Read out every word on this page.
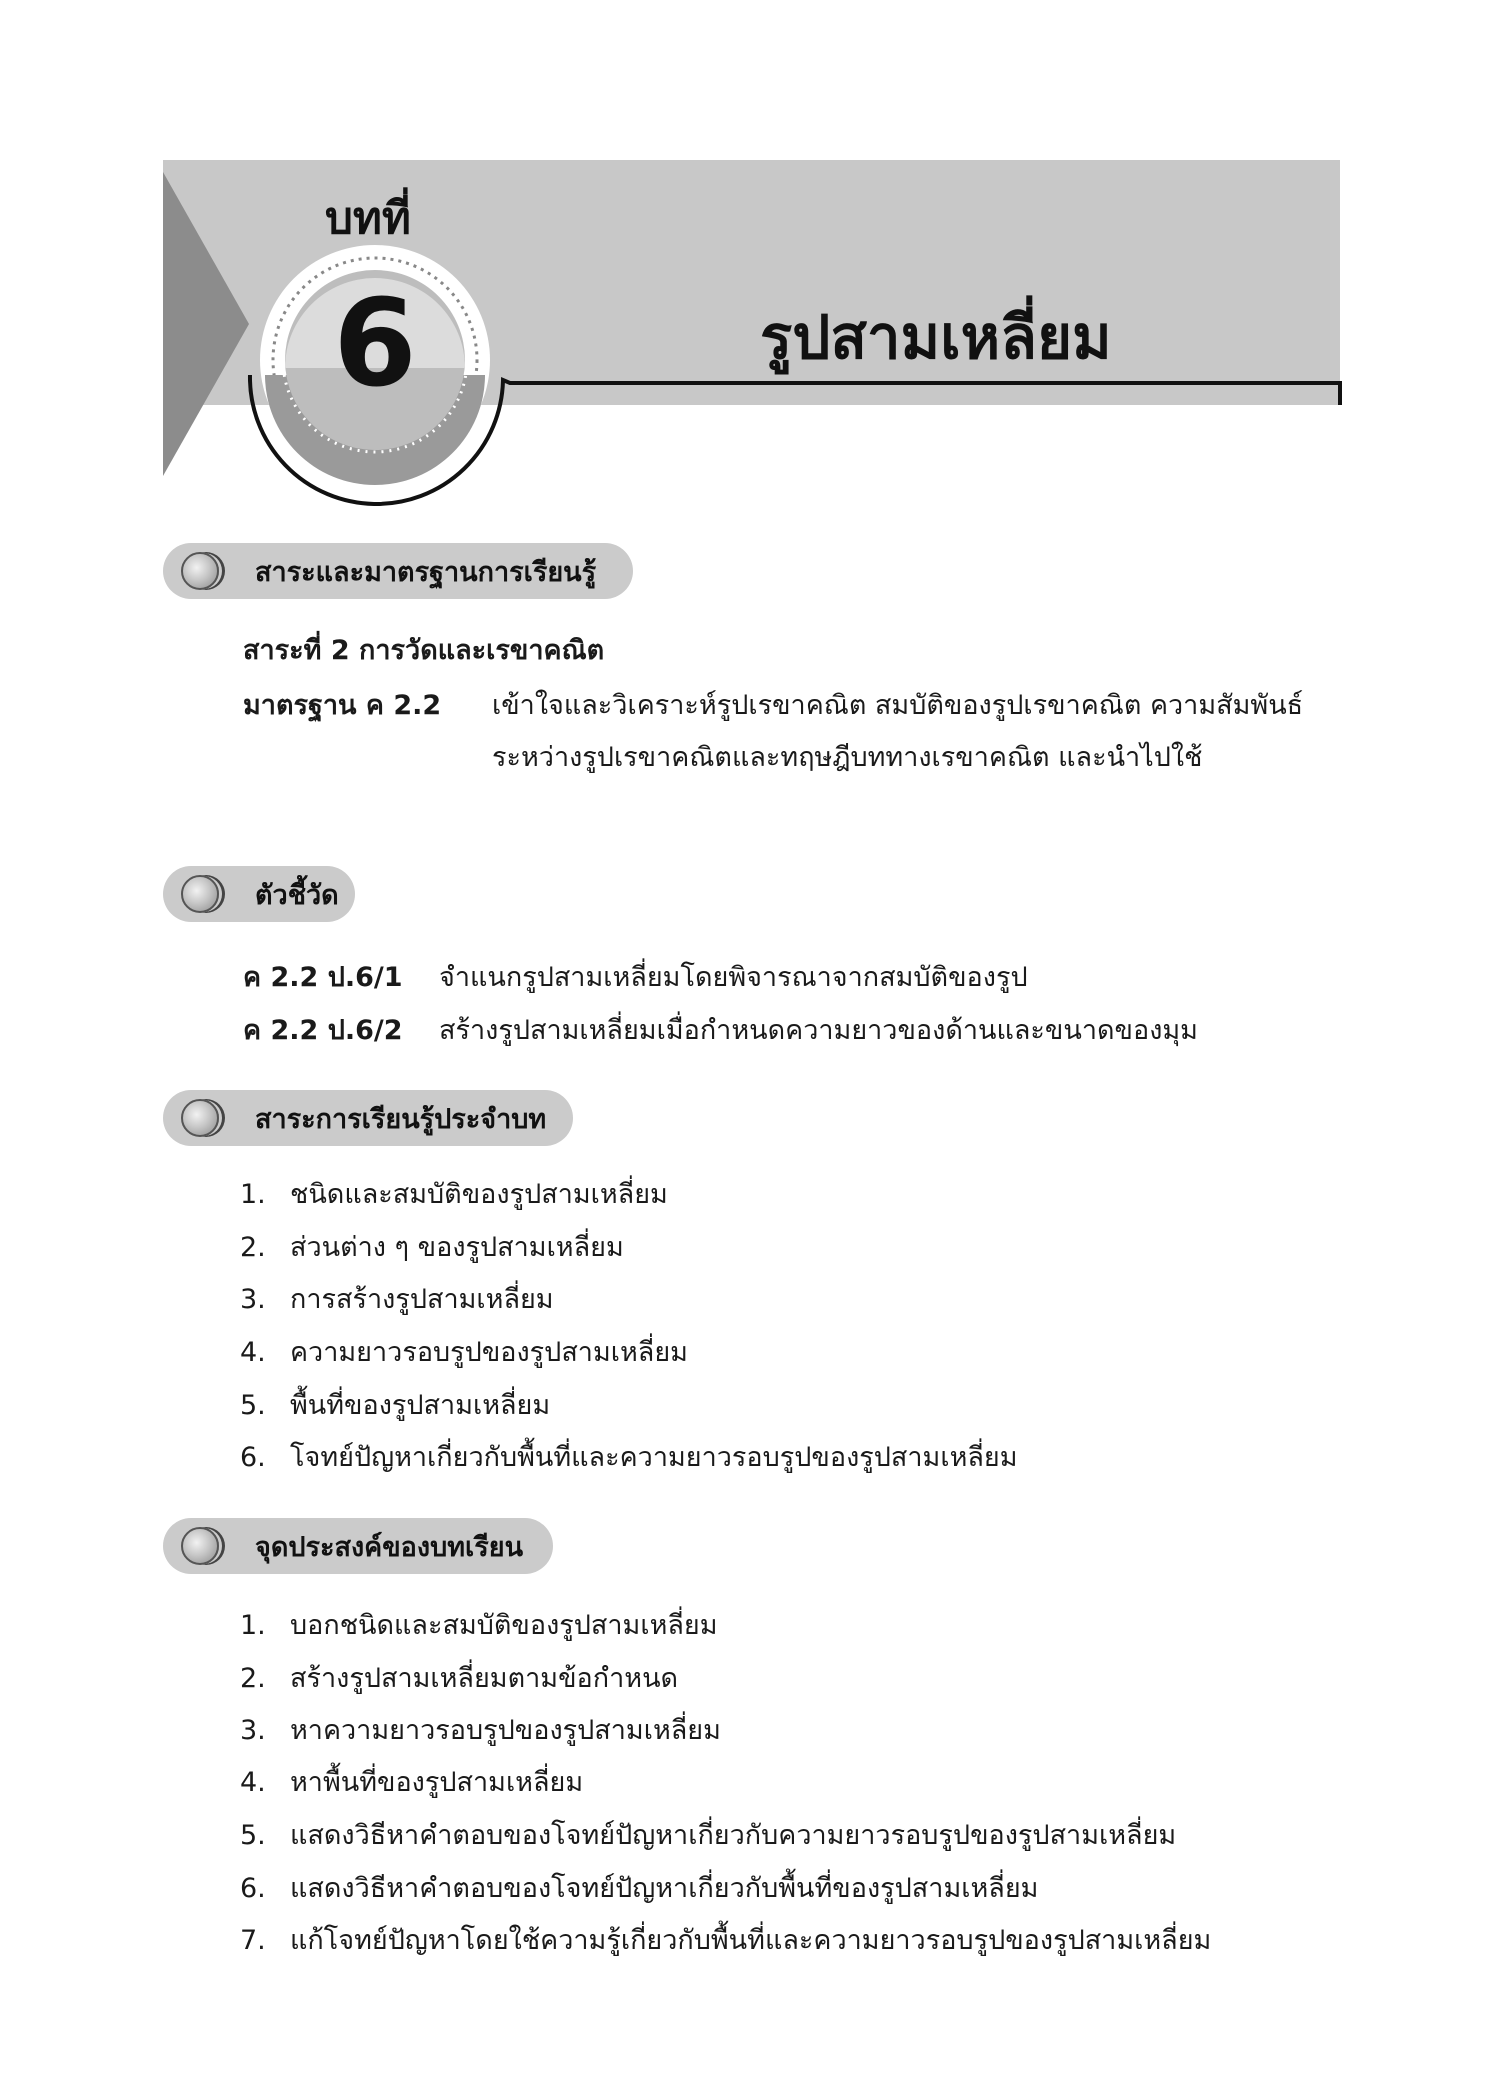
บทที่
6	รูปสามเหลี่ยม
สาระและมาตรฐานการเรียนรู้
สาระที่ 2 การวัดและเรขาคณิต
มาตรฐาน ค 2.2 เข้าใจและวิเคราะห์รูปเรขาคณิต สมบัติของรูปเรขาคณิต ความสัมพันธ์
ระหว่างรูปเรขาคณิตและทฤษฎีบททางเรขาคณิต และนำไปใช้
ตัวชี้วัด
ค 2.2 ป.6/1 จำแนกรูปสามเหลี่ยมโดยพิจารณาจากสมบัติของรูป
ค 2.2 ป.6/2 สร้างรูปสามเหลี่ยมเมื่อกำหนดความยาวของด้านและขนาดของมุม
สาระการเรียนรู้ประจำบท
1. ชนิดและสมบัติของรูปสามเหลี่ยม
2. ส่วนต่าง ๆ ของรูปสามเหลี่ยม
3. การสร้างรูปสามเหลี่ยม
4. ความยาวรอบรูปของรูปสามเหลี่ยม
5. พื้นที่ของรูปสามเหลี่ยม
6. โจทย์ปัญหาเกี่ยวกับพื้นที่และความยาวรอบรูปของรูปสามเหลี่ยม
จุดประสงค์ของบทเรียน
1. บอกชนิดและสมบัติของรูปสามเหลี่ยม
2. สร้างรูปสามเหลี่ยมตามข้อกำหนด
3. หาความยาวรอบรูปของรูปสามเหลี่ยม
4. หาพื้นที่ของรูปสามเหลี่ยม
5. แสดงวิธีหาคำตอบของโจทย์ปัญหาเกี่ยวกับความยาวรอบรูปของรูปสามเหลี่ยม
6. แสดงวิธีหาคำตอบของโจทย์ปัญหาเกี่ยวกับพื้นที่ของรูปสามเหลี่ยม
7. แก้โจทย์ปัญหาโดยใช้ความรู้เกี่ยวกับพื้นที่และความยาวรอบรูปของรูปสามเหลี่ยม
